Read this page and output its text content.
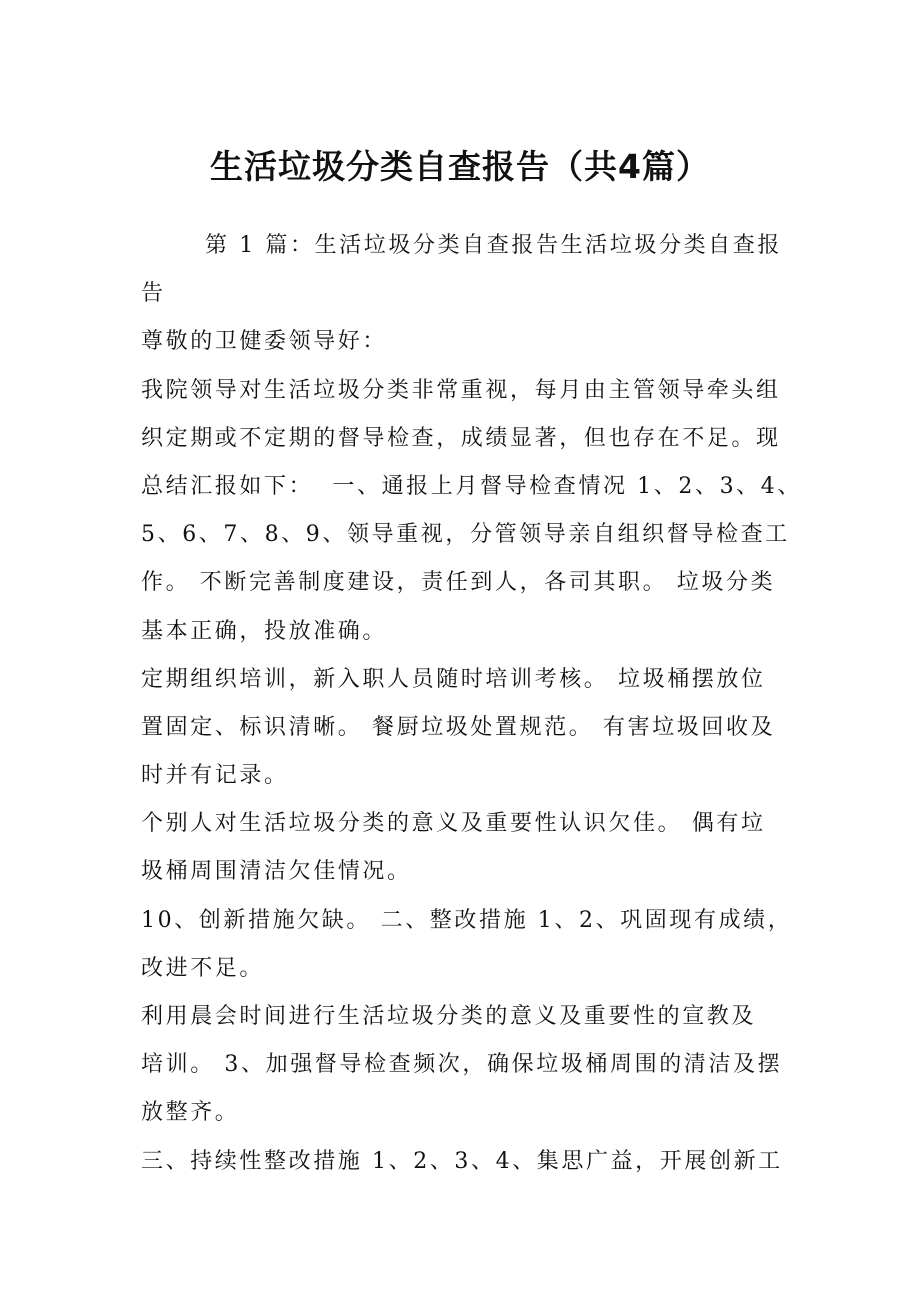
生活垃圾分类自查报告（共4篇）
第 1 篇：生活垃圾分类自查报告生活垃圾分类自查报
告
尊敬的卫健委领导好：
我院领导对生活垃圾分类非常重视，每月由主管领导牵头组
织定期或不定期的督导检查，成绩显著，但也存在不足。现
总结汇报如下：  一、通报上月督导检查情况 1、2、3、4、
5、6、7、8、9、领导重视，分管领导亲自组织督导检查工
作。 不断完善制度建设，责任到人，各司其职。 垃圾分类
基本正确，投放准确。
定期组织培训，新入职人员随时培训考核。 垃圾桶摆放位
置固定、标识清晰。 餐厨垃圾处置规范。 有害垃圾回收及
时并有记录。
个别人对生活垃圾分类的意义及重要性认识欠佳。 偶有垃
圾桶周围清洁欠佳情况。
10、创新措施欠缺。 二、整改措施 1、2、巩固现有成绩，
改进不足。
利用晨会时间进行生活垃圾分类的意义及重要性的宣教及
培训。 3、加强督导检查频次，确保垃圾桶周围的清洁及摆
放整齐。
三、持续性整改措施 1、2、3、4、集思广益，开展创新工
